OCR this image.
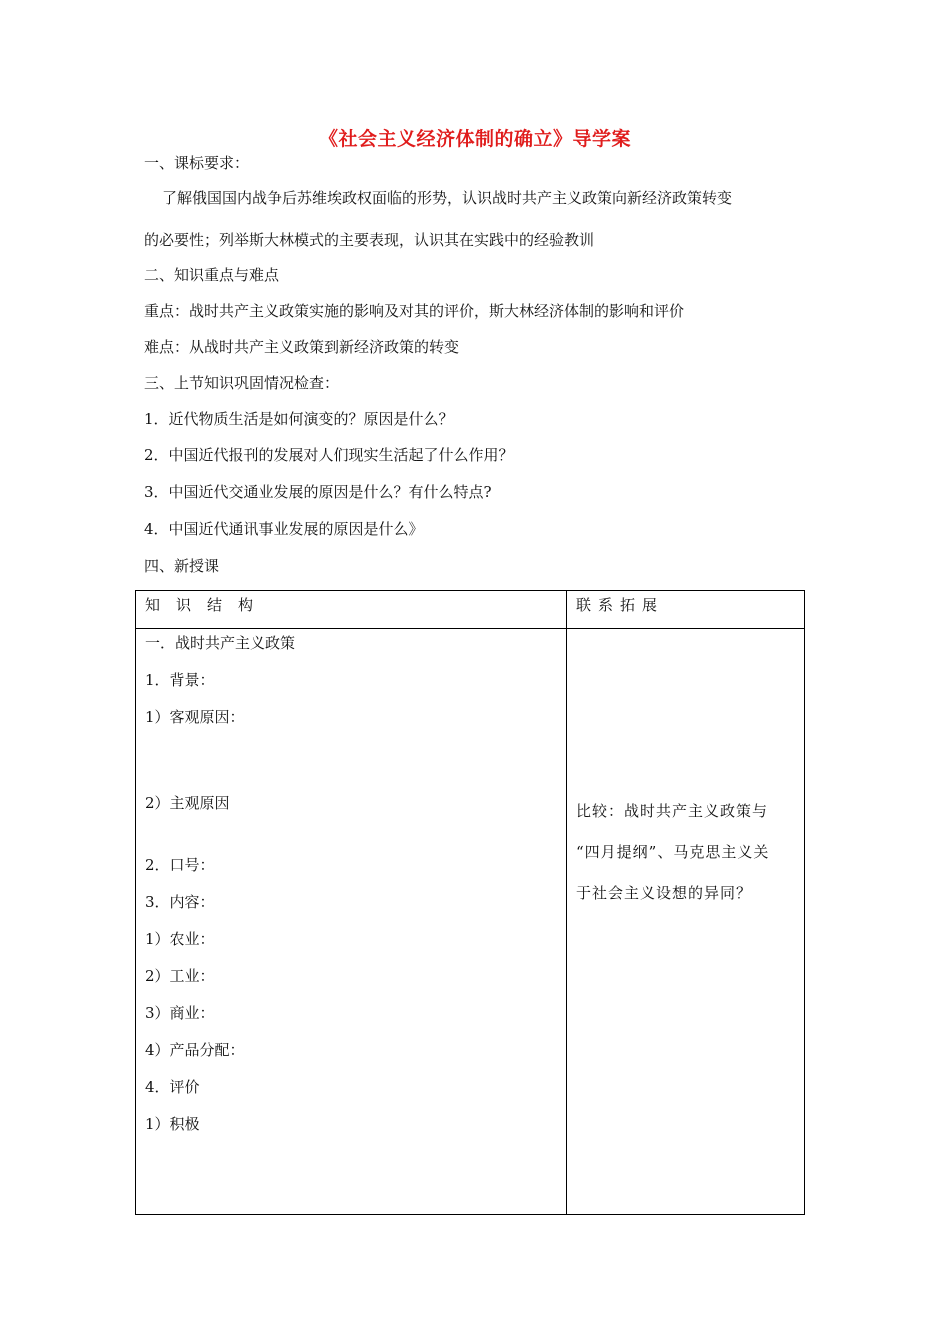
《社会主义经济体制的确立》导学案
一、课标要求：
了解俄国国内战争后苏维埃政权面临的形势，认识战时共产主义政策向新经济政策转变
的必要性；列举斯大林模式的主要表现，认识其在实践中的经验教训
二、知识重点与难点
重点：战时共产主义政策实施的影响及对其的评价，斯大林经济体制的影响和评价
难点：从战时共产主义政策到新经济政策的转变
三、上节知识巩固情况检查：
1．近代物质生活是如何演变的？原因是什么？
2．中国近代报刊的发展对人们现实生活起了什么作用？
3．中国近代交通业发展的原因是什么？有什么特点?
4．中国近代通讯事业发展的原因是什么》
四、新授课
知识结构	联系拓展
一．战时共产主义政策
1．背景：
1）客观原因：
2）主观原因
2．口号：
3．内容：
1）农业：
2）工业：
3）商业：
4）产品分配：
4．评价
1）积极
比较：战时共产主义政策与
“四月提纲”、马克思主义关
于社会主义设想的异同？
